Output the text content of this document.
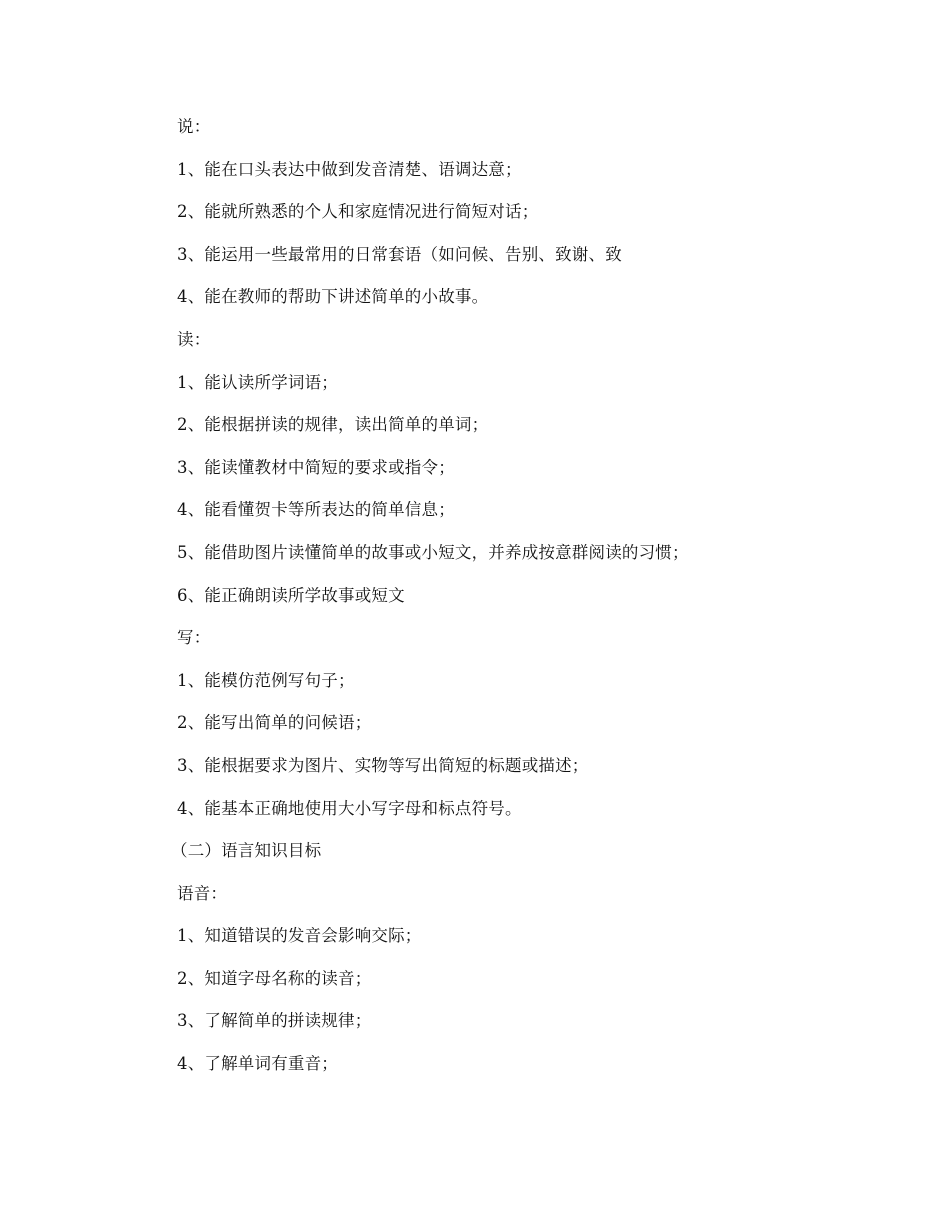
说：
1、能在口头表达中做到发音清楚、语调达意；
2、能就所熟悉的个人和家庭情况进行简短对话；
3、能运用一些最常用的日常套语（如问候、告别、致谢、致
4、能在教师的帮助下讲述简单的小故事。
读：
1、能认读所学词语；
2、能根据拼读的规律，读出简单的单词；
3、能读懂教材中简短的要求或指令；
4、能看懂贺卡等所表达的简单信息；
5、能借助图片读懂简单的故事或小短文，并养成按意群阅读的习惯；
6、能正确朗读所学故事或短文
写：
1、能模仿范例写句子；
2、能写出简单的问候语；
3、能根据要求为图片、实物等写出简短的标题或描述；
4、能基本正确地使用大小写字母和标点符号。
（二）语言知识目标
语音：
1、知道错误的发音会影响交际；
2、知道字母名称的读音；
3、了解简单的拼读规律；
4、了解单词有重音；
